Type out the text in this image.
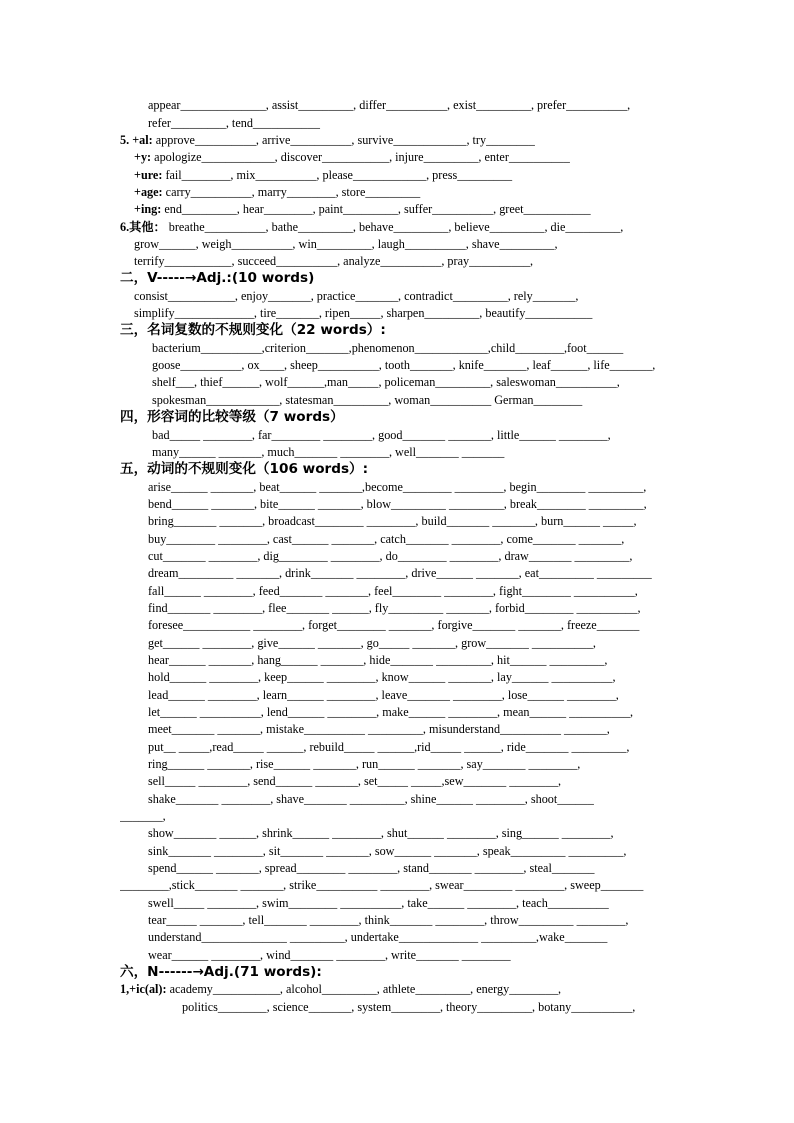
appear______________, assist_________, differ__________, exist_________, prefer__________,
refer_________, tend___________
5. +al: approve__________, arrive__________, survive____________, try________
+y: apologize____________, discover___________, injure_________, enter__________
+ure: fail________, mix__________, please____________, press_________
+age: carry__________, marry________, store_________
+ing: end_________, hear________, paint_________, suffer__________, greet___________
6.其他： breathe__________, bathe_________, behave_________, believe_________, die_________,
grow______, weigh__________, win_________, laugh__________, shave_________,
terrify___________, succeed__________, analyze__________, pray__________,
二，V-----→Adj.:(10 words)
consist___________, enjoy_______, practice_______, contradict_________, rely_______,
simplify_____________, tire_______, ripen_____, sharpen_________, beautify___________
三，名词复数的不规则变化（22 words）:
bacterium__________,criterion_______,phenomenon____________,child________,foot______
goose__________, ox____, sheep__________, tooth_______, knife_______, leaf______, life_______,
shelf___, thief______, wolf______,man_____, policeman_________, saleswoman__________,
spokesman____________, statesman_________, woman__________ German________
四，形容词的比较等级（7 words）
bad_____ ________, far________ ________, good_______ _______, little______ ________,
many______ _______, much_______ ________, well_______ _______
五，动词的不规则变化（106 words）:
arise______ _______, beat______ _______,become________ ________, begin________ _________,
bend______ _______, bite______ _______, blow_________ _________, break________ _________,
bring_______ _______, broadcast________ ________, build_______ _______, burn______ _____,
buy________ ________, cast______ _______, catch_______ ________, come_______ _______,
cut_______ ________, dig________ ________, do________ ________, draw_______ _________,
dream_________ _______, drink_______ ________, drive______ _______, eat_________ _________
fall______ ________, feed_______ _______, feel________ ________, fight________ __________,
find_______ ________, flee_______ ______, fly_________ _______, forbid________ __________,
foresee___________ ________, forget________ _______, forgive_______ _______, freeze_______
get______ ________, give______ _______, go_____ _______, grow_______ __________,
hear______ _______, hang______ _______, hide_______ _________, hit______ _________,
hold______ ________, keep______ ________, know______ _______, lay______ __________,
lead______ ________, learn______ ________, leave_______ ________, lose______ ________,
let______ __________, lend______ ________, make______ ________, mean______ __________,
meet_______ _______, mistake__________ _________, misunderstand__________ _______,
put__ _____,read_____ ______, rebuild_____ ______,rid_____ ______, ride_______ _________,
ring______ _______, rise______ _______, run______ _______, say_______ ________,
sell_____ ________, send______ _______, set_____ _____,sew_______ ________,
shake_______ ________, shave_______ _________, shine______ ________, shoot______
_______,
show_______ ______, shrink______ ________, shut______ ________, sing______ ________,
sink_______ ________, sit_______ _______, sow______ _______, speak_________ _________,
spend______ _______, spread________ ________, stand_______ ________, steal_______
________,stick_______ _______, strike__________ ________, swear________ ________, sweep_______
swell_____ ________, swim________ __________, take______ ________, teach__________
tear_____ _______, tell_______ ________, think_______ ________, throw_________ ________,
understand______________ _________, undertake_____________ _________,wake_______
wear______ ________, wind_______ ________, write_______ ________
六，N------→Adj.(71 words):
1,+ic(al): academy___________, alcohol_________, athlete_________, energy________,
politics________, science_______, system________, theory_________, botany__________,
